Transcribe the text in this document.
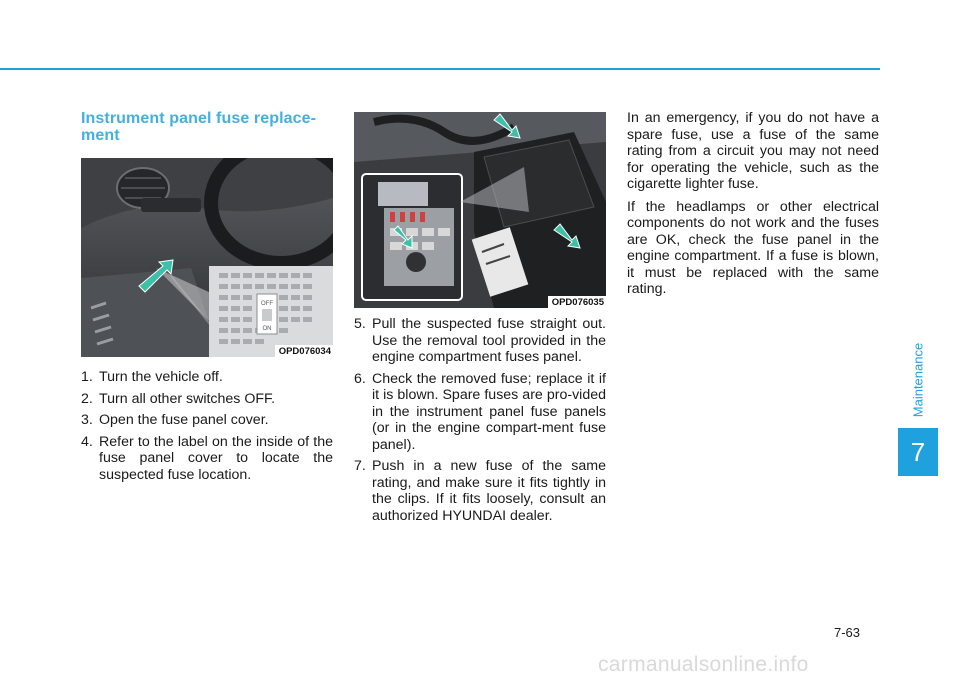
Instrument panel fuse replace-
ment
OFF
ON
OPD076034
1. Turn the vehicle off.
2. Turn all other switches OFF.
3. Open the fuse panel cover.
4. Refer to the label on the inside of the fuse panel cover to locate the suspected fuse location.
OPD076035
5. Pull the suspected fuse straight out. Use the removal tool provided in the engine compartment fuses panel.
6. Check the removed fuse; replace it if it is blown. Spare fuses are pro-vided in the instrument panel fuse panels (or in the engine compart-ment fuse panel).
7. Push in a new fuse of the same rating, and make sure it fits tightly in the clips. If it fits loosely, consult an authorized HYUNDAI dealer.

In an emergency, if you do not have a spare fuse, use a fuse of the same rating from a circuit you may not need for operating the vehicle, such as the cigarette lighter fuse.

If the headlamps or other electrical components do not work and the fuses are OK, check the fuse panel in the engine compartment. If a fuse is blown, it must be replaced with the same rating.

Maintenance
7
7-63
carmanualsonline.info
